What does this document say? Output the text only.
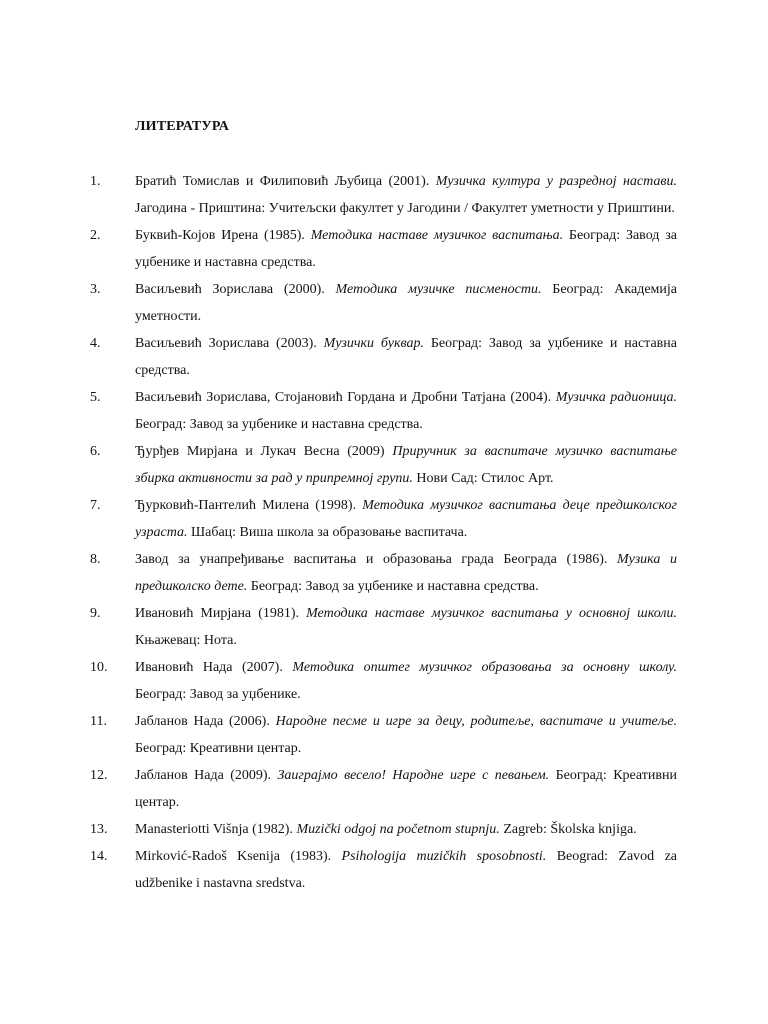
ЛИТЕРАТУРА
1.	Братић Томислав и Филиповић Љубица (2001). Музичка култура у разредној настави. Јагодина - Приштина: Учитељски факултет у Јагодини / Факултет уметности у Приштини.
2.	Буквић-Којов Ирена (1985). Методика наставе музичког васпитања. Београд: Завод за уџбенике и наставна средства.
3.	Васиљевић Зорислава (2000). Методика музичке писмености. Београд: Академија уметности.
4.	Васиљевић Зорислава (2003). Музички буквар. Београд: Завод за уџбенике и наставна средства.
5.	Васиљевић Зорислава, Стојановић Гордана и Дробни Татјана (2004). Музичка радионица. Београд: Завод за уџбенике и наставна средства.
6.	Ђурђев Мирјана и Лукач Весна (2009) Приручник за васпитаче музичко васпитање збирка активности за рад у припремној групи. Нови Сад: Стилос Арт.
7.	Ђурковић-Пантелић Милена (1998). Методика музичког васпитања деце предшколског узраста. Шабац: Виша школа за образовање васпитача.
8.	Завод за унапређивање васпитања и образовања града Београда (1986). Музика и предшколско дете. Београд: Завод за уџбенике и наставна средства.
9.	Ивановић Мирјана (1981). Методика наставе музичког васпитања у основној школи. Књажевац: Нота.
10.	Ивановић Нада (2007). Методика општег музичког образовања за основну школу. Београд: Завод за уџбенике.
11.	Јабланов Нада (2006). Народне песме и игре за децу, родитеље, васпитаче и учитеље. Београд: Креативни центар.
12.	Јабланов Нада (2009). Заиграјмо весело! Народне игре с певањем. Београд: Креативни центар.
13.	Manasteriotti Višnja (1982). Muzički odgoj na početnom stupnju. Zagreb: Školska knjiga.
14.	Mirković-Radoš Ksenija (1983). Psihologija muzičkih sposobnosti. Beograd: Zavod za udžbenike i nastavna sredstva.
